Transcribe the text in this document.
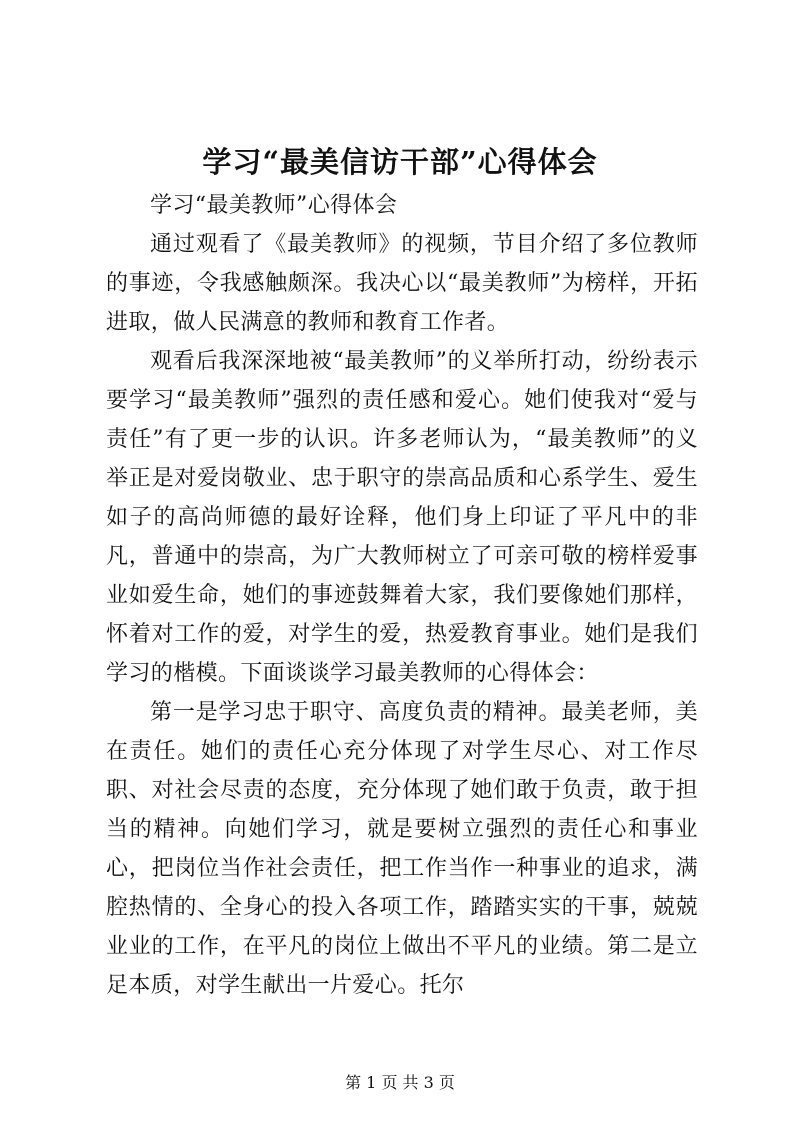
学习“最美信访干部”心得体会

学习“最美教师”心得体会

通过观看了《最美教师》的视频，节目介绍了多位教师的事迹，令我感触颇深。我决心以“最美教师”为榜样，开拓进取，做人民满意的教师和教育工作者。

观看后我深深地被“最美教师”的义举所打动，纷纷表示要学习“最美教师”强烈的责任感和爱心。她们使我对“爱与责任”有了更一步的认识。许多老师认为，“最美教师”的义举正是对爱岗敬业、忠于职守的崇高品质和心系学生、爱生如子的高尚师德的最好诠释，他们身上印证了平凡中的非凡，普通中的崇高，为广大教师树立了可亲可敬的榜样爱事业如爱生命，她们的事迹鼓舞着大家，我们要像她们那样，怀着对工作的爱，对学生的爱，热爱教育事业。她们是我们学习的楷模。下面谈谈学习最美教师的心得体会：

第一是学习忠于职守、高度负责的精神。最美老师，美在责任。她们的责任心充分体现了对学生尽心、对工作尽职、对社会尽责的态度，充分体现了她们敢于负责，敢于担当的精神。向她们学习，就是要树立强烈的责任心和事业心，把岗位当作社会责任，把工作当作一种事业的追求，满腔热情的、全身心的投入各项工作，踏踏实实的干事，兢兢业业的工作，在平凡的岗位上做出不平凡的业绩。第二是立足本质，对学生献出一片爱心。托尔

第 1 页 共 3 页
